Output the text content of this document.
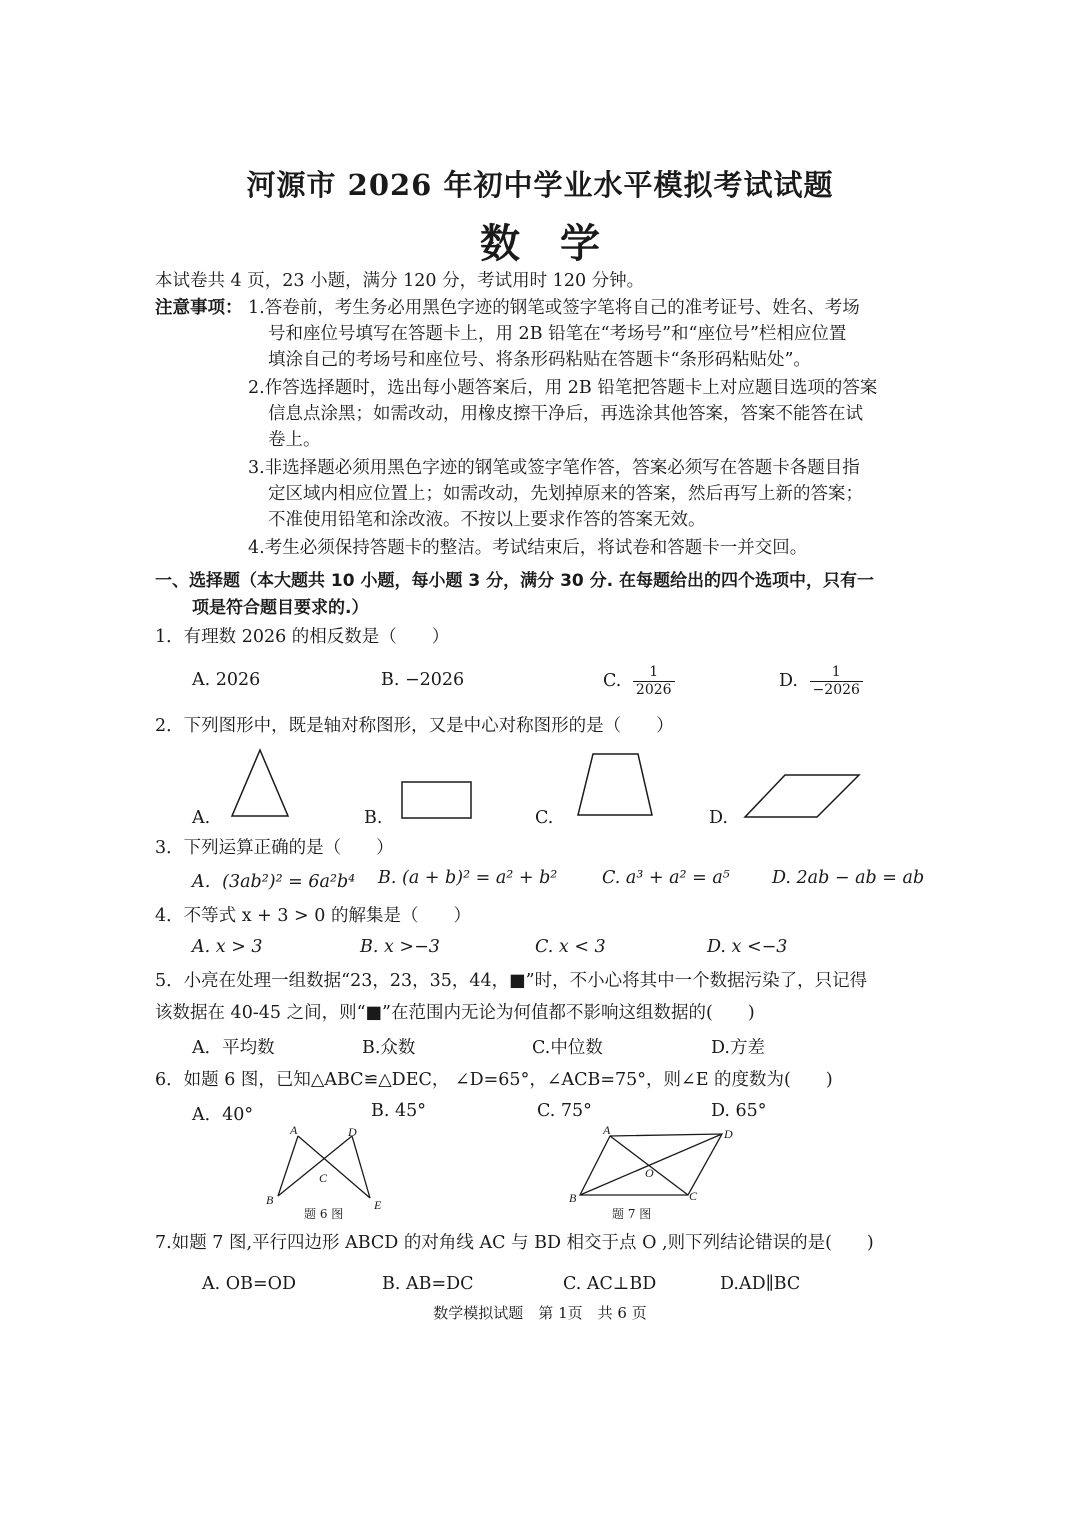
河源市 2026 年初中学业水平模拟考试试题
数学
本试卷共 4 页，23 小题，满分 120 分，考试用时 120 分钟。
注意事项： 1.答卷前，考生务必用黑色字迹的钢笔或签字笔将自己的准考证号、姓名、考场
号和座位号填写在答题卡上，用 2B 铅笔在“考场号”和“座位号”栏相应位置
填涂自己的考场号和座位号、将条形码粘贴在答题卡“条形码粘贴处”。
2.作答选择题时，选出每小题答案后，用 2B 铅笔把答题卡上对应题目选项的答案
信息点涂黑；如需改动，用橡皮擦干净后，再选涂其他答案，答案不能答在试
卷上。
3.非选择题必须用黑色字迹的钢笔或签字笔作答，答案必须写在答题卡各题目指
定区域内相应位置上；如需改动，先划掉原来的答案，然后再写上新的答案；
不准使用铅笔和涂改液。不按以上要求作答的答案无效。
4.考生必须保持答题卡的整洁。考试结束后，将试卷和答题卡一并交回。
一、选择题（本大题共 10 小题，每小题 3 分，满分 30 分. 在每题给出的四个选项中，只有一
项是符合题目要求的.）
1．有理数 2026 的相反数是（　　）
A. 2026	B. −2026	C. $\frac{1}{2026}$	D. $\frac{1}{-2026}$
2．下列图形中，既是轴对称图形，又是中心对称图形的是（　　）
A.	B.	C.	D.
3．下列运算正确的是（　　）
A．(3ab²)² = 6a²b⁴ B. (a + b)² = a² + b²	C. a³ + a² = a⁵ D. 2ab − ab = ab
4．不等式 x + 3 > 0 的解集是（　　）
A. x > 3	B. x >−3	C. x < 3	D. x <−3
5．小亮在处理一组数据“23，23，35，44，■”时，不小心将其中一个数据污染了，只记得
该数据在 40-45 之间，则“■”在范围内无论为何值都不影响这组数据的(　　)
A．平均数	B.众数	C.中位数	D.方差
6．如题 6 图，已知△ABC≌△DEC， ∠D=65°，∠ACB=75°，则∠E 的度数为(　　)
A．40°	B. 45°	C. 75°	D. 65°
A	D
C
B	E
题 6 图
A	D
O
B	C
题 7 图
7.如题 7 图,平行四边形 ABCD 的对角线 AC 与 BD 相交于点 O ,则下列结论错误的是(　　)
A. OB=OD	B. AB=DC	C. AC⊥BD	D.AD∥BC
数学模拟试题　第 1页　共 6 页
